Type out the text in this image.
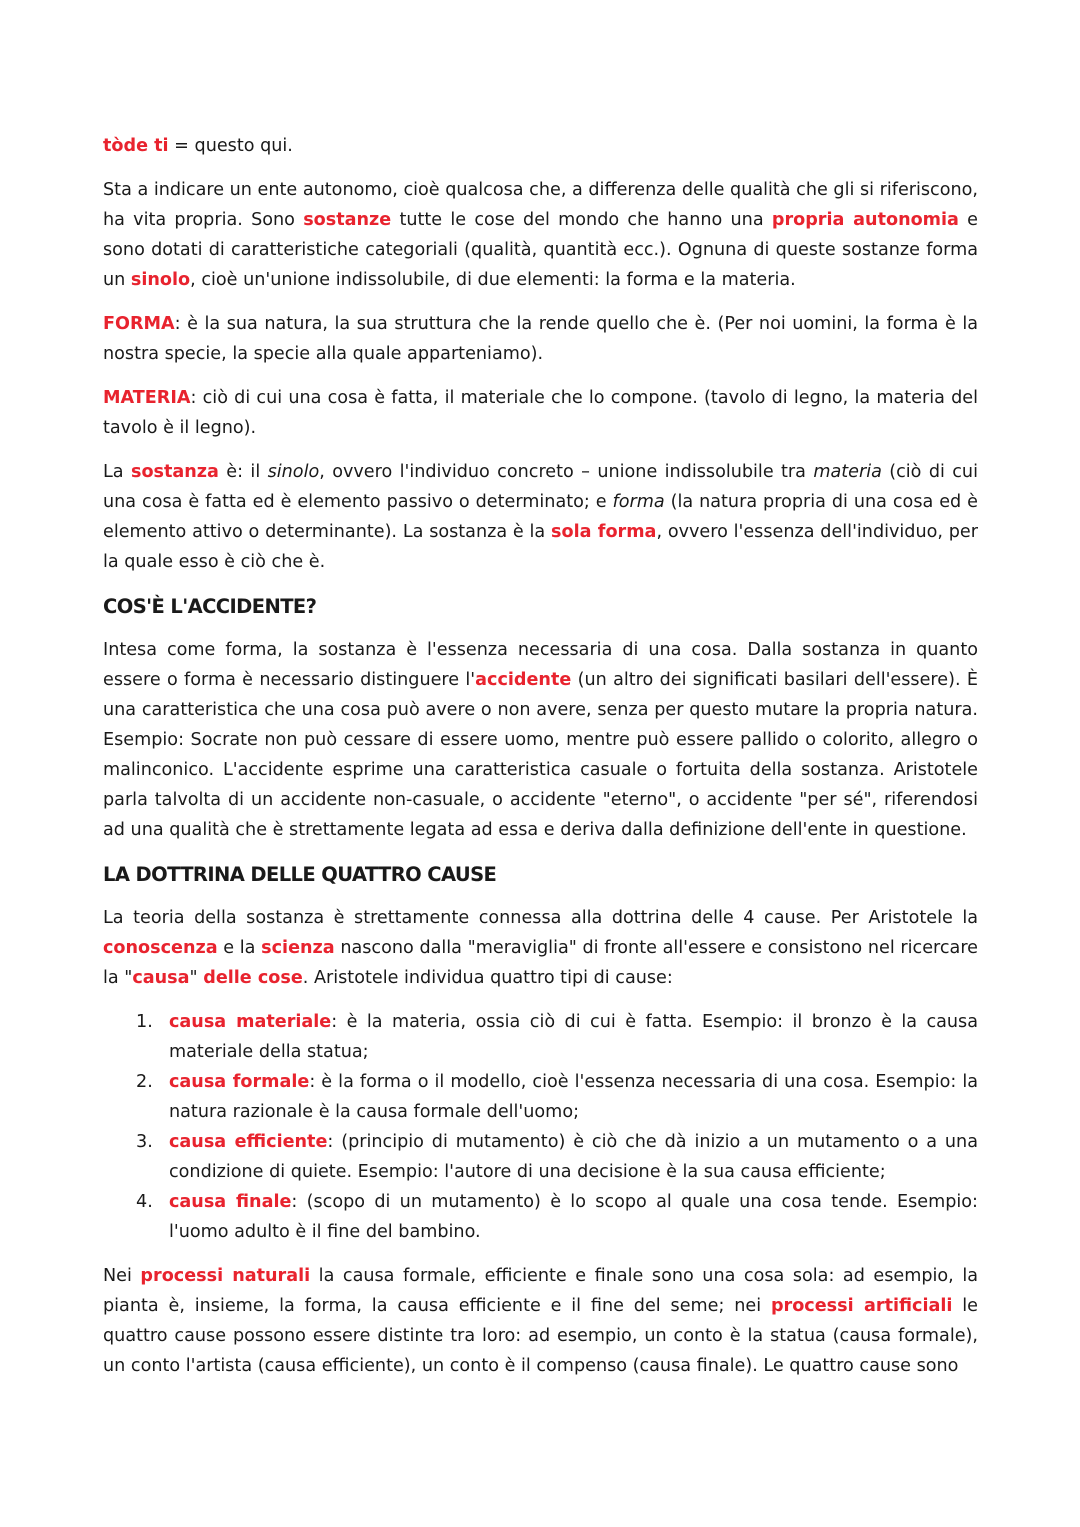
tòde ti = questo qui.

Sta a indicare un ente autonomo, cioè qualcosa che, a differenza delle qualità che gli si riferiscono, ha vita propria. Sono sostanze tutte le cose del mondo che hanno una propria autonomia e sono dotati di caratteristiche categoriali (qualità, quantità ecc.). Ognuna di queste sostanze forma un sinolo, cioè un'unione indissolubile, di due elementi: la forma e la materia.

FORMA: è la sua natura, la sua struttura che la rende quello che è. (Per noi uomini, la forma è la nostra specie, la specie alla quale apparteniamo).

MATERIA: ciò di cui una cosa è fatta, il materiale che lo compone. (tavolo di legno, la materia del tavolo è il legno).

La sostanza è: il sinolo, ovvero l'individuo concreto – unione indissolubile tra materia (ciò di cui una cosa è fatta ed è elemento passivo o determinato; e forma (la natura propria di una cosa ed è elemento attivo o determinante). La sostanza è la sola forma, ovvero l'essenza dell'individuo, per la quale esso è ciò che è.

COS'È L'ACCIDENTE?

Intesa come forma, la sostanza è l'essenza necessaria di una cosa. Dalla sostanza in quanto essere o forma è necessario distinguere l'accidente (un altro dei significati basilari dell'essere). È una caratteristica che una cosa può avere o non avere, senza per questo mutare la propria natura. Esempio: Socrate non può cessare di essere uomo, mentre può essere pallido o colorito, allegro o malinconico. L'accidente esprime una caratteristica casuale o fortuita della sostanza. Aristotele parla talvolta di un accidente non-casuale, o accidente "eterno", o accidente "per sé", riferendosi ad una qualità che è strettamente legata ad essa e deriva dalla definizione dell'ente in questione.

LA DOTTRINA DELLE QUATTRO CAUSE

La teoria della sostanza è strettamente connessa alla dottrina delle 4 cause. Per Aristotele la conoscenza e la scienza nascono dalla "meraviglia" di fronte all'essere e consistono nel ricercare la "causa" delle cose. Aristotele individua quattro tipi di cause:

1. causa materiale: è la materia, ossia ciò di cui è fatta. Esempio: il bronzo è la causa materiale della statua;
2. causa formale: è la forma o il modello, cioè l'essenza necessaria di una cosa. Esempio: la natura razionale è la causa formale dell'uomo;
3. causa efficiente: (principio di mutamento) è ciò che dà inizio a un mutamento o a una condizione di quiete. Esempio: l'autore di una decisione è la sua causa efficiente;
4. causa finale: (scopo di un mutamento) è lo scopo al quale una cosa tende. Esempio: l'uomo adulto è il fine del bambino.

Nei processi naturali la causa formale, efficiente e finale sono una cosa sola: ad esempio, la pianta è, insieme, la forma, la causa efficiente e il fine del seme; nei processi artificiali le quattro cause possono essere distinte tra loro: ad esempio, un conto è la statua (causa formale), un conto l'artista (causa efficiente), un conto è il compenso (causa finale). Le quattro cause sono
